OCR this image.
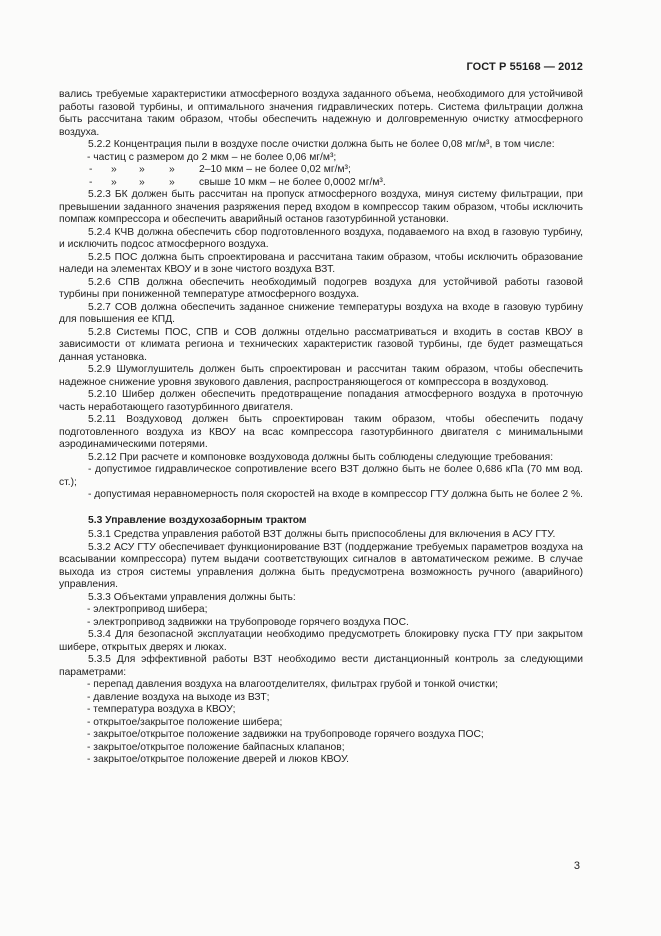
ГОСТ Р 55168 — 2012

вались требуемые характеристики атмосферного воздуха заданного объема, необходимого для устойчивой работы газовой турбины, и оптимального значения гидравлических потерь. Система фильтрации должна быть рассчитана таким образом, чтобы обеспечить надежную и долговременную очистку атмосферного воздуха.

5.2.2 Концентрация пыли в воздухе после очистки должна быть не более 0,08 мг/м³, в том числе:

- частиц с размером до 2 мкм – не более 0,06 мг/м³;

- » » » 2–10 мкм – не более 0,02 мг/м³;
- » » » свыше 10 мкм – не более 0,0002 мг/м³.

5.2.3 БК должен быть рассчитан на пропуск атмосферного воздуха, минуя систему фильтрации, при превышении заданного значения разряжения перед входом в компрессор таким образом, чтобы исключить помпаж компрессора и обеспечить аварийный останов газотурбинной установки.

5.2.4 КЧВ должна обеспечить сбор подготовленного воздуха, подаваемого на вход в газовую турбину, и исключить подсос атмосферного воздуха.

5.2.5 ПОС должна быть спроектирована и рассчитана таким образом, чтобы исключить образование наледи на элементах КВОУ и в зоне чистого воздуха ВЗТ.

5.2.6 СПВ должна обеспечить необходимый подогрев воздуха для устойчивой работы газовой турбины при пониженной температуре атмосферного воздуха.

5.2.7 СОВ должна обеспечить заданное снижение температуры воздуха на входе в газовую турбину для повышения ее КПД.

5.2.8 Системы ПОС, СПВ и СОВ должны отдельно рассматриваться и входить в состав КВОУ в зависимости от климата региона и технических характеристик газовой турбины, где будет размещаться данная установка.

5.2.9 Шумоглушитель должен быть спроектирован и рассчитан таким образом, чтобы обеспечить надежное снижение уровня звукового давления, распространяющегося от компрессора в воздуховод.

5.2.10 Шибер должен обеспечить предотвращение попадания атмосферного воздуха в проточную часть неработающего газотурбинного двигателя.

5.2.11 Воздуховод должен быть спроектирован таким образом, чтобы обеспечить подачу подготовленного воздуха из КВОУ на всас компрессора газотурбинного двигателя с минимальными аэродинамическими потерями.

5.2.12 При расчете и компоновке воздуховода должны быть соблюдены следующие требования:

- допустимое гидравлическое сопротивление всего ВЗТ должно быть не более 0,686 кПа (70 мм вод. ст.);

- допустимая неравномерность поля скоростей на входе в компрессор ГТУ должна быть не более 2 %.

5.3 Управление воздухозаборным трактом

5.3.1 Средства управления работой ВЗТ должны быть приспособлены для включения в АСУ ГТУ.

5.3.2 АСУ ГТУ обеспечивает функционирование ВЗТ (поддержание требуемых параметров воздуха на всасывании компрессора) путем выдачи соответствующих сигналов в автоматическом режиме. В случае выхода из строя системы управления должна быть предусмотрена возможность ручного (аварийного) управления.

5.3.3 Объектами управления должны быть:

- электропривод шибера;

- электропривод задвижки на трубопроводе горячего воздуха ПОС.

5.3.4 Для безопасной эксплуатации необходимо предусмотреть блокировку пуска ГТУ при закрытом шибере, открытых дверях и люках.

5.3.5 Для эффективной работы ВЗТ необходимо вести дистанционный контроль за следующими параметрами:

- перепад давления воздуха на влагоотделителях, фильтрах грубой и тонкой очистки;

- давление воздуха на выходе из ВЗТ;

- температура воздуха в КВОУ;

- открытое/закрытое положение шибера;

- закрытое/открытое положение задвижки на трубопроводе горячего воздуха ПОС;

- закрытое/открытое положение байпасных клапанов;

- закрытое/открытое положение дверей и люков КВОУ.

3
